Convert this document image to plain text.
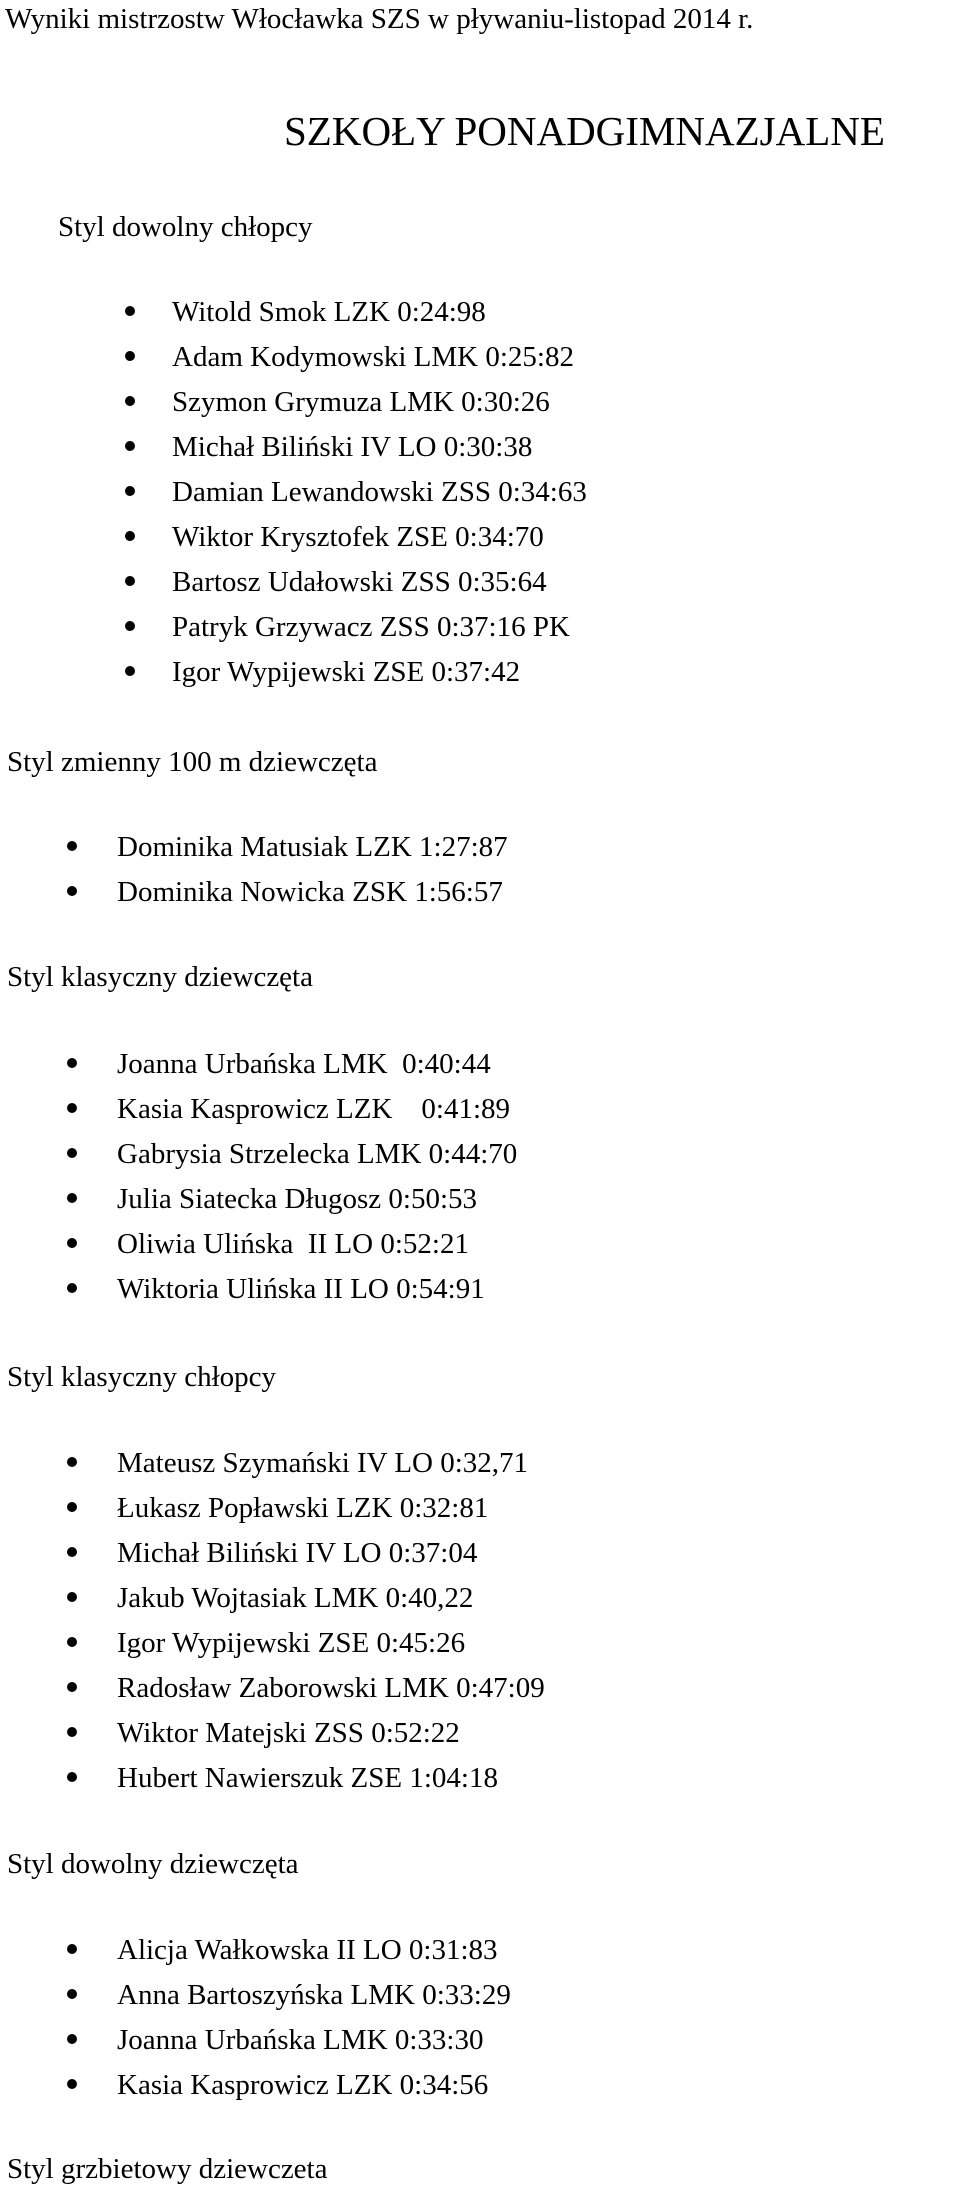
Wyniki mistrzostw Włocławka SZS w pływaniu-listopad 2014 r.
SZKOŁY PONADGIMNAZJALNE
Styl dowolny chłopcy
Witold Smok LZK 0:24:98
Adam Kodymowski LMK 0:25:82
Szymon Grymuza LMK 0:30:26
Michał Biliński IV LO 0:30:38
Damian Lewandowski ZSS 0:34:63
Wiktor Krysztofek ZSE 0:34:70
Bartosz Udałowski ZSS 0:35:64
Patryk Grzywacz ZSS 0:37:16 PK
Igor Wypijewski ZSE 0:37:42
Styl zmienny 100 m dziewczęta
Dominika Matusiak LZK 1:27:87
Dominika Nowicka ZSK 1:56:57
Styl klasyczny dziewczęta
Joanna Urbańska LMK  0:40:44
Kasia Kasprowicz LZK    0:41:89
Gabrysia Strzelecka LMK 0:44:70
Julia Siatecka Długosz 0:50:53
Oliwia Ulińska  II LO 0:52:21
Wiktoria Ulińska II LO 0:54:91
Styl klasyczny chłopcy
Mateusz Szymański IV LO 0:32,71
Łukasz Popławski LZK 0:32:81
Michał Biliński IV LO 0:37:04
Jakub Wojtasiak LMK 0:40,22
Igor Wypijewski ZSE 0:45:26
Radosław Zaborowski LMK 0:47:09
Wiktor Matejski ZSS 0:52:22
Hubert Nawierszuk ZSE 1:04:18
Styl dowolny dziewczęta
Alicja Wałkowska II LO 0:31:83
Anna Bartoszyńska LMK 0:33:29
Joanna Urbańska LMK 0:33:30
Kasia Kasprowicz LZK 0:34:56
Styl grzbietowy dziewczeta
